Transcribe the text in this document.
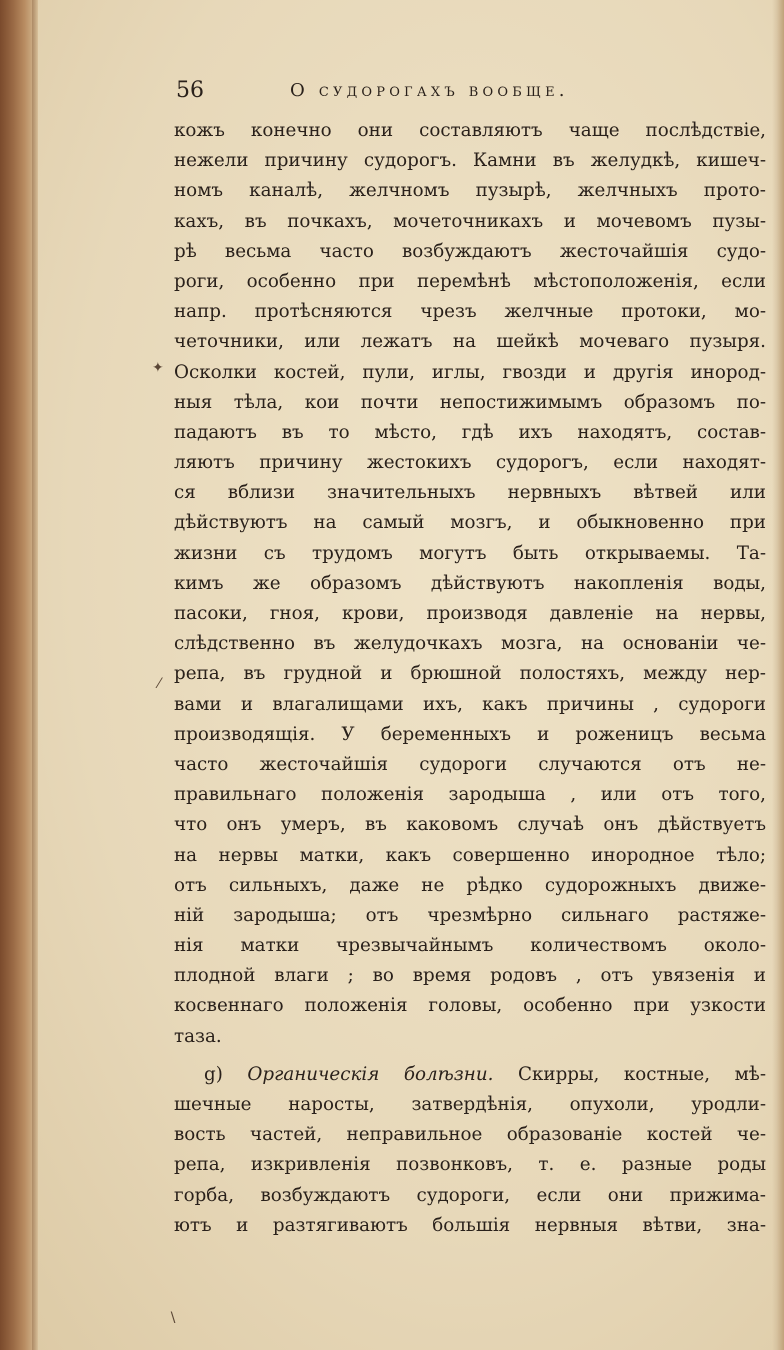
56	О судорогахъ вообще.
кожъ конечно они составляютъ чаще послѣдствіе,
нежели причину судорогъ. Камни въ желудкѣ, кишеч-
номъ каналѣ, желчномъ пузырѣ, желчныхъ прото-
кахъ, въ почкахъ, мочеточникахъ и мочевомъ пузы-
рѣ весьма часто возбуждаютъ жесточайшія судо-
роги, особенно при перемѣнѣ мѣстоположенія, если
напр. протѣсняются чрезъ желчные протоки, мо-
четочники, или лежатъ на шейкѣ мочеваго пузыря.
Осколки костей, пули, иглы, гвозди и другія инород-
ныя тѣла, кои почти непостижимымъ образомъ по-
падаютъ въ то мѣсто, гдѣ ихъ находятъ, состав-
ляютъ причину жестокихъ судорогъ, если находят-
ся вблизи значительныхъ нервныхъ вѣтвей или
дѣйствуютъ на самый мозгъ, и обыкновенно при
жизни съ трудомъ могутъ быть открываемы. Та-
кимъ же образомъ дѣйствуютъ накопленія воды,
пасоки, гноя, крови, производя давленіе на нервы,
слѣдственно въ желудочкахъ мозга, на основаніи че-
репа, въ грудной и брюшной полостяхъ, между нер-
вами и влагалищами ихъ, какъ причины , судороги
производящія. У беременныхъ и роженицъ весьма
часто жесточайшія судороги случаются отъ не-
правильнаго положенія зародыша , или отъ того,
что онъ умеръ, въ каковомъ случаѣ онъ дѣйствуетъ
на нервы матки, какъ совершенно инородное тѣло;
отъ сильныхъ, даже не рѣдко судорожныхъ движе-
ній зародыша; отъ чрезмѣрно сильнаго растяже-
нія матки чрезвычайнымъ количествомъ около-
плодной влаги ; во время родовъ , отъ увязенія и
косвеннаго положенія головы, особенно при узкости
таза.
g) Органическія болѣзни. Скирры, костные, мѣ-
шечные наросты, затвердѣнія, опухоли, уродли-
вость частей, неправильное образованіе костей че-
репа, изкривленія позвонковъ, т. е. разные роды
горба, возбуждаютъ судороги, если они прижима-
ютъ и разтягиваютъ большія нервныя вѣтви, зна-
✦
⁄
∖
